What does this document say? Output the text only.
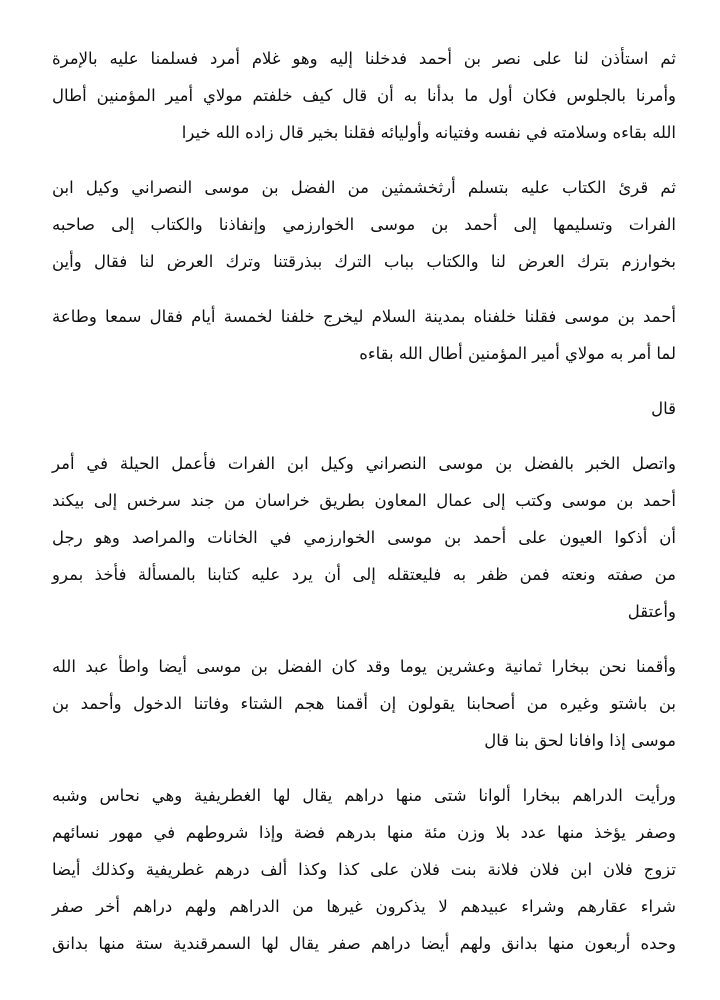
ثم استأذن لنا على نصر بن أحمد فدخلنا إليه وهو غلام أمرد فسلمنا عليه بالإمرة
وأمرنا بالجلوس فكان أول ما بدأنا به أن قال كيف خلفتم مولاي أمير المؤمنين أطال
الله بقاءه وسلامته في نفسه وفتيانه وأوليائه فقلنا بخير قال زاده الله خيرا
ثم قرئ الكتاب عليه بتسلم أرثخشمثين من الفضل بن موسى النصراني وكيل ابن
الفرات وتسليمها إلى أحمد بن موسى الخوارزمي وإنفاذنا والكتاب إلى صاحبه
بخوارزم بترك العرض لنا والكتاب بباب الترك ببذرقتنا وترك العرض لنا فقال وأين
أحمد بن موسى فقلنا خلفناه بمدينة السلام ليخرج خلفنا لخمسة أيام فقال سمعا وطاعة
لما أمر به مولاي أمير المؤمنين أطال الله بقاءه
قال
واتصل الخبر بالفضل بن موسى النصراني وكيل ابن الفرات فأعمل الحيلة في أمر
أحمد بن موسى وكتب إلى عمال المعاون بطريق خراسان من جند سرخس إلى بيكند
أن أذكوا العيون على أحمد بن موسى الخوارزمي في الخانات والمراصد وهو رجل
من صفته ونعته فمن ظفر به فليعتقله إلى أن يرد عليه كتابنا بالمسألة فأخذ بمرو
وأعتقل
وأقمنا نحن ببخارا ثمانية وعشرين يوما وقد كان الفضل بن موسى أيضا واطأ عبد الله
بن باشتو وغيره من أصحابنا يقولون إن أقمنا هجم الشتاء وفاتنا الدخول وأحمد بن
موسى إذا وافانا لحق بنا قال
ورأيت الدراهم ببخارا ألوانا شتى منها دراهم يقال لها الغطريفية وهي نحاس وشبه
وصفر يؤخذ منها عدد بلا وزن مئة منها بدرهم فضة وإذا شروطهم في مهور نسائهم
تزوج فلان ابن فلان فلانة بنت فلان على كذا وكذا ألف درهم غطريفية وكذلك أيضا
شراء عقارهم وشراء عبيدهم لا يذكرون غيرها من الدراهم ولهم دراهم أخر صفر
وحده أربعون منها بدانق ولهم أيضا دراهم صفر يقال لها السمرقندية ستة منها بدانق
